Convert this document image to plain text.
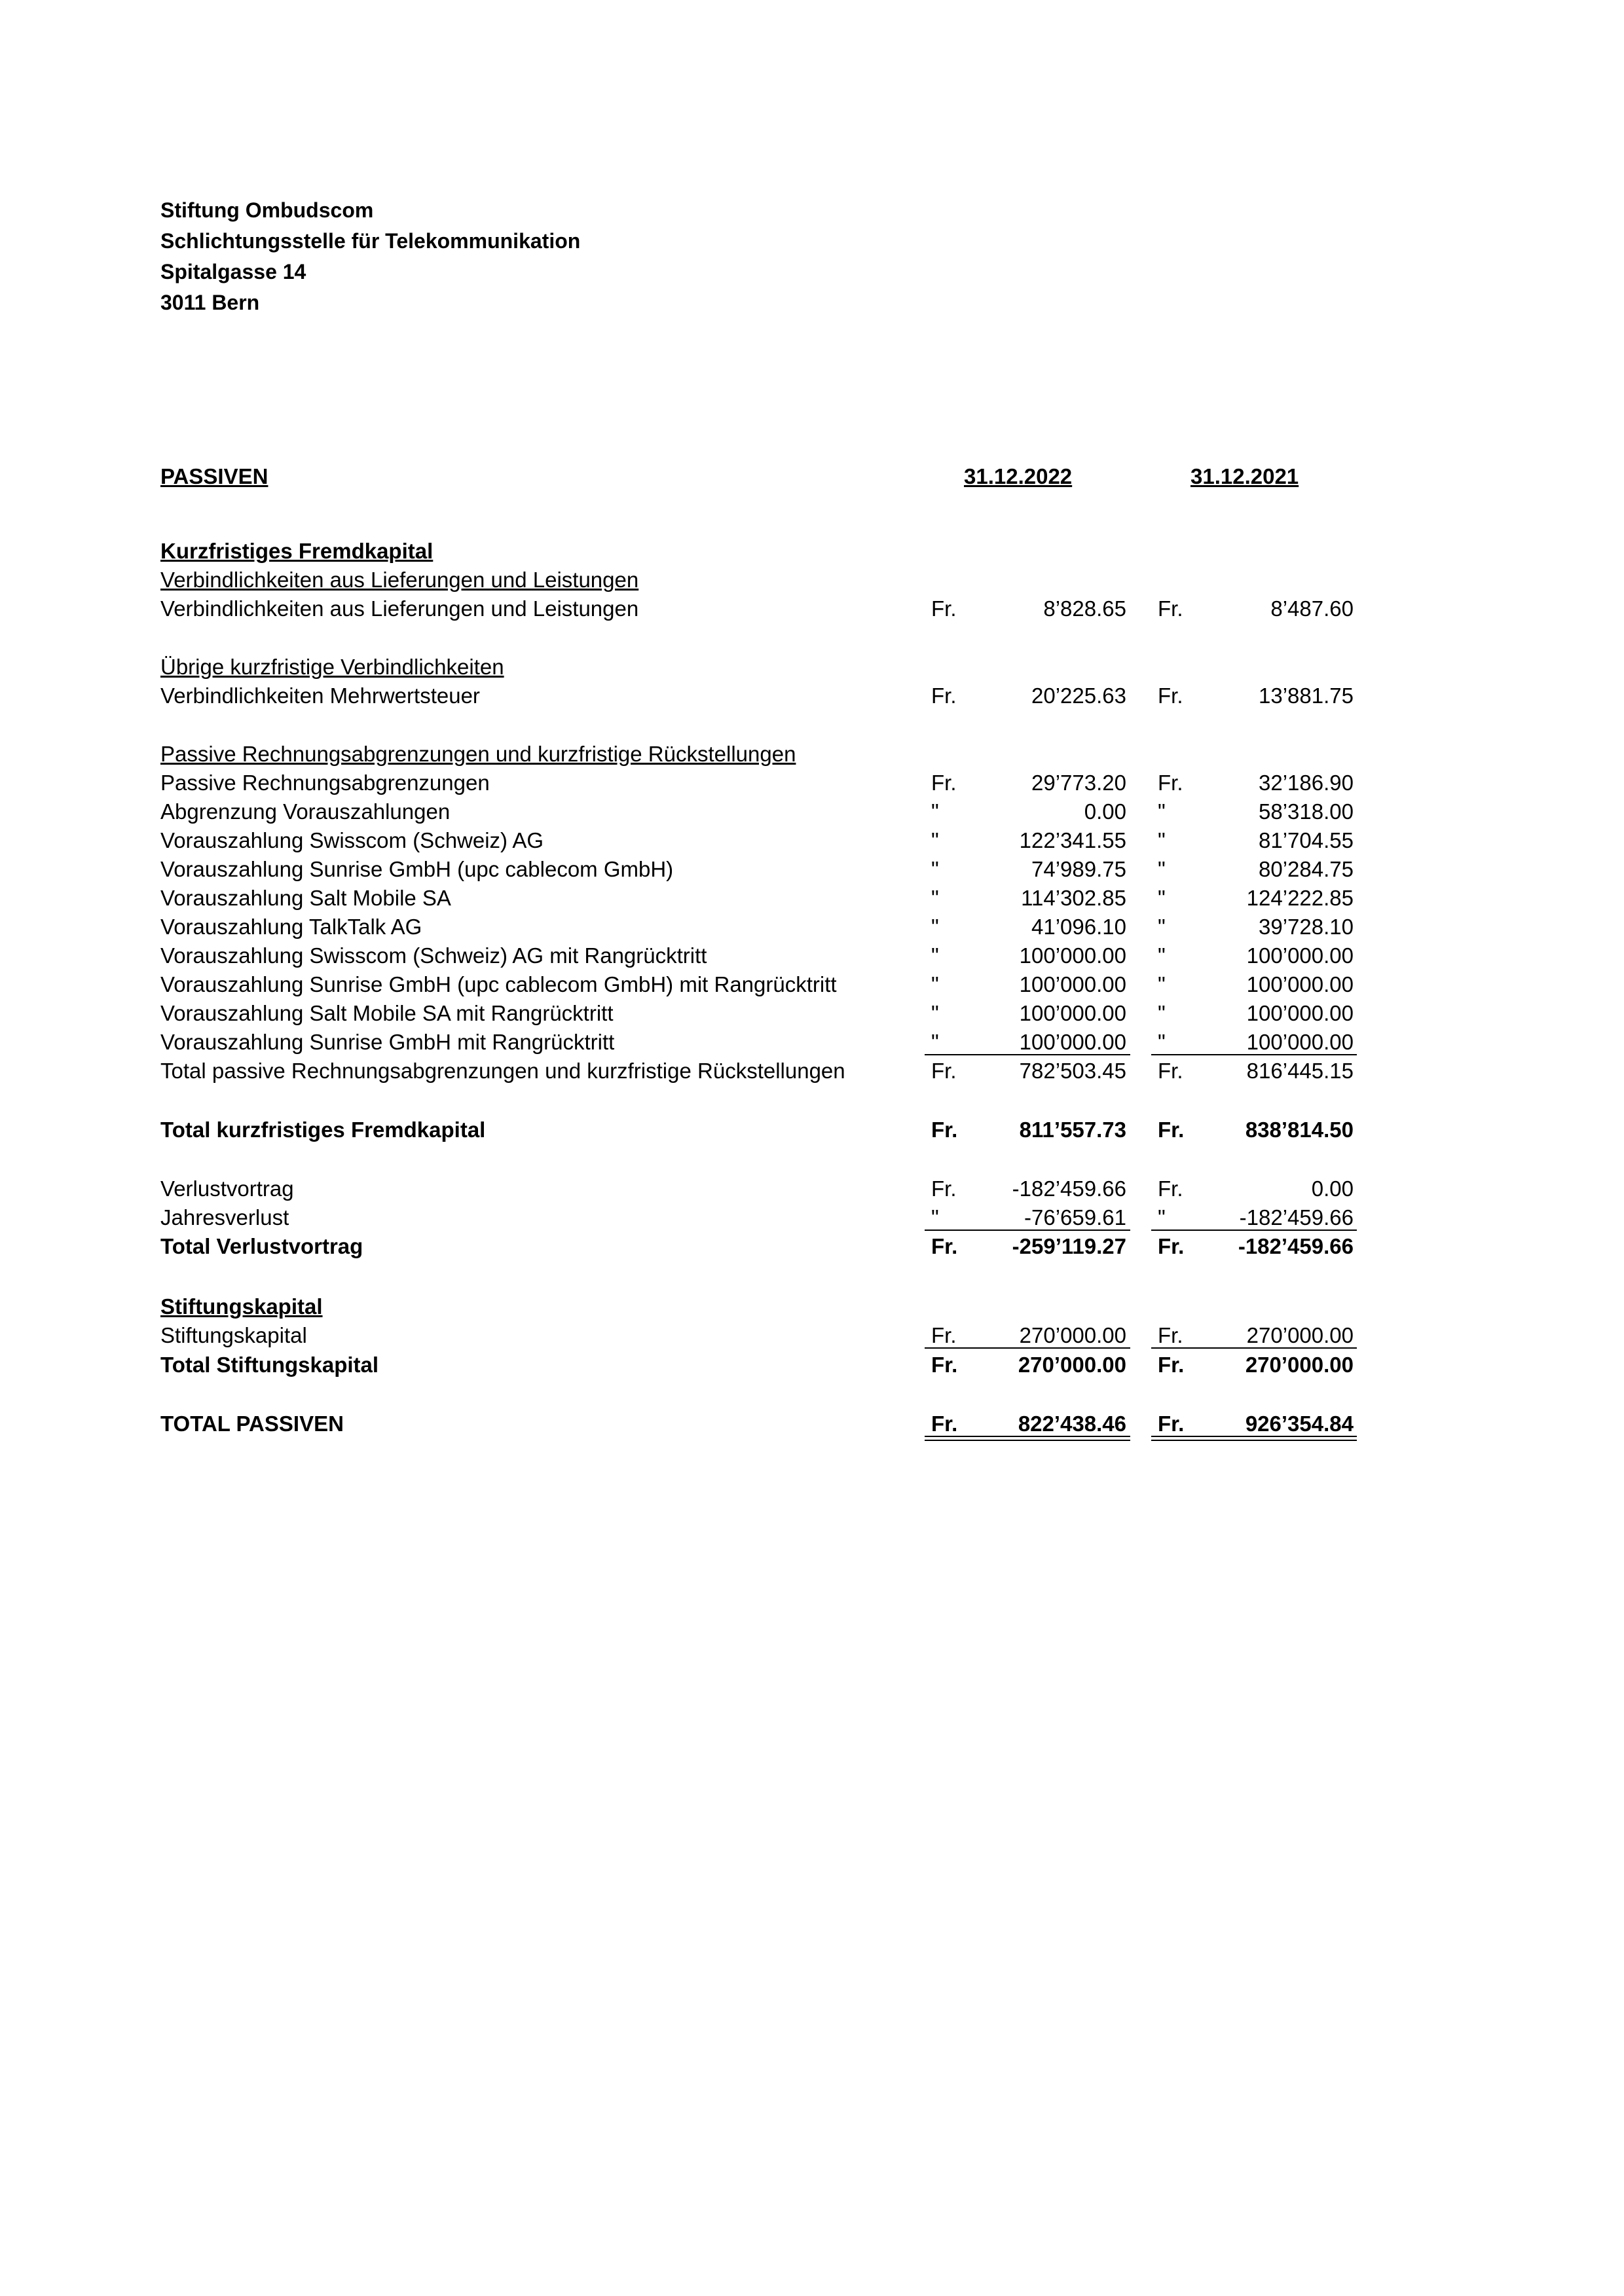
Stiftung Ombudscom
Schlichtungsstelle für Telekommunikation
Spitalgasse 14
3011 Bern
PASSIVEN	31.12.2022	31.12.2021
Kurzfristiges Fremdkapital
Verbindlichkeiten aus Lieferungen und Leistungen
Verbindlichkeiten aus Lieferungen und Leistungen	Fr.	8’828.65 Fr.	8’487.60
Übrige kurzfristige Verbindlichkeiten
Verbindlichkeiten Mehrwertsteuer	Fr.	20’225.63 Fr.	13’881.75
Passive Rechnungsabgrenzungen und kurzfristige Rückstellungen
Passive Rechnungsabgrenzungen	Fr.	29’773.20 Fr.	32’186.90
Abgrenzung Vorauszahlungen	"	0.00 "	58’318.00
Vorauszahlung Swisscom (Schweiz) AG	"	122’341.55 "	81’704.55
Vorauszahlung Sunrise GmbH (upc cablecom GmbH)	"	74’989.75 "	80’284.75
Vorauszahlung Salt Mobile SA	"	114’302.85 "	124’222.85
Vorauszahlung TalkTalk AG	"	41’096.10 "	39’728.10
Vorauszahlung Swisscom (Schweiz) AG mit Rangrücktritt	"	100’000.00 "	100’000.00
Vorauszahlung Sunrise GmbH (upc cablecom GmbH) mit Rangrücktritt	"	100’000.00 "	100’000.00
Vorauszahlung Salt Mobile SA mit Rangrücktritt	"	100’000.00 "	100’000.00
Vorauszahlung Sunrise GmbH mit Rangrücktritt	"	100’000.00 "	100’000.00
Total passive Rechnungsabgrenzungen und kurzfristige Rückstellungen	Fr.	782’503.45 Fr.	816’445.15
Total kurzfristiges Fremdkapital	Fr.	811’557.73 Fr.	838’814.50
Verlustvortrag	Fr.	-182’459.66 Fr.	0.00
Jahresverlust	"	-76’659.61 "	-182’459.66
Total Verlustvortrag	Fr.	-259’119.27 Fr. -182’459.66
Stiftungskapital
Stiftungskapital	Fr.	270’000.00 Fr.	270’000.00
Total Stiftungskapital	Fr.	270’000.00 Fr.	270’000.00
TOTAL PASSIVEN	Fr.	822’438.46 Fr.	926’354.84
